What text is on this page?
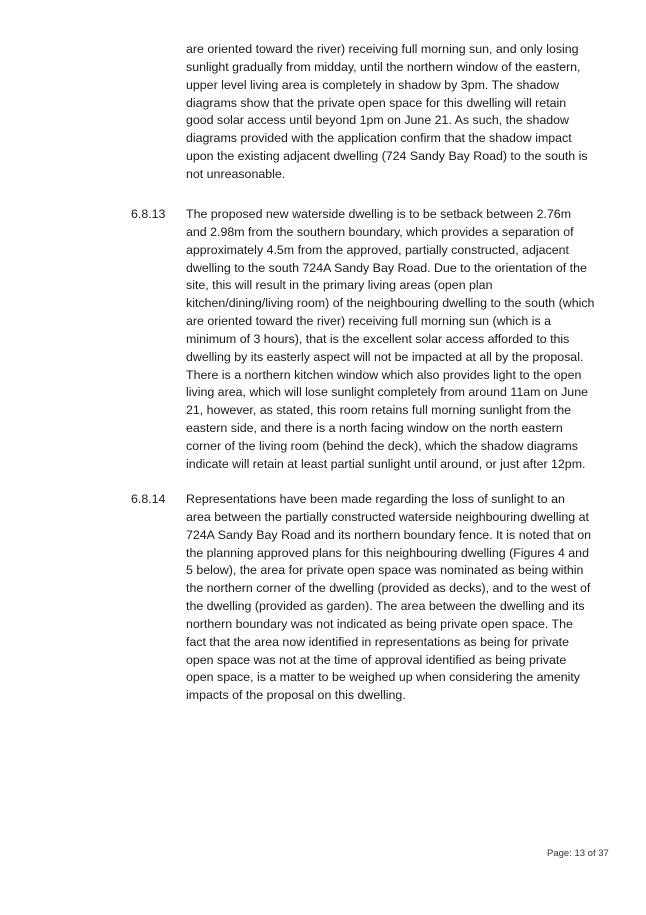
are oriented toward the river) receiving full morning sun, and only losing
sunlight gradually from midday, until the northern window of the eastern,
upper level living area is completely in shadow by 3pm. The shadow
diagrams show that the private open space for this dwelling will retain
good solar access until beyond 1pm on June 21. As such, the shadow
diagrams provided with the application confirm that the shadow impact
upon the existing adjacent dwelling (724 Sandy Bay Road) to the south is
not unreasonable.
6.8.13 The proposed new waterside dwelling is to be setback between 2.76m
and 2.98m from the southern boundary, which provides a separation of
approximately 4.5m from the approved, partially constructed, adjacent
dwelling to the south 724A Sandy Bay Road. Due to the orientation of the
site, this will result in the primary living areas (open plan
kitchen/dining/living room) of the neighbouring dwelling to the south (which
are oriented toward the river) receiving full morning sun (which is a
minimum of 3 hours), that is the excellent solar access afforded to this
dwelling by its easterly aspect will not be impacted at all by the proposal.
There is a northern kitchen window which also provides light to the open
living area, which will lose sunlight completely from around 11am on June
21, however, as stated, this room retains full morning sunlight from the
eastern side, and there is a north facing window on the north eastern
corner of the living room (behind the deck), which the shadow diagrams
indicate will retain at least partial sunlight until around, or just after 12pm.
6.8.14 Representations have been made regarding the loss of sunlight to an
area between the partially constructed waterside neighbouring dwelling at
724A Sandy Bay Road and its northern boundary fence. It is noted that on
the planning approved plans for this neighbouring dwelling (Figures 4 and
5 below), the area for private open space was nominated as being within
the northern corner of the dwelling (provided as decks), and to the west of
the dwelling (provided as garden). The area between the dwelling and its
northern boundary was not indicated as being private open space. The
fact that the area now identified in representations as being for private
open space was not at the time of approval identified as being private
open space, is a matter to be weighed up when considering the amenity
impacts of the proposal on this dwelling.
Page: 13 of 37
